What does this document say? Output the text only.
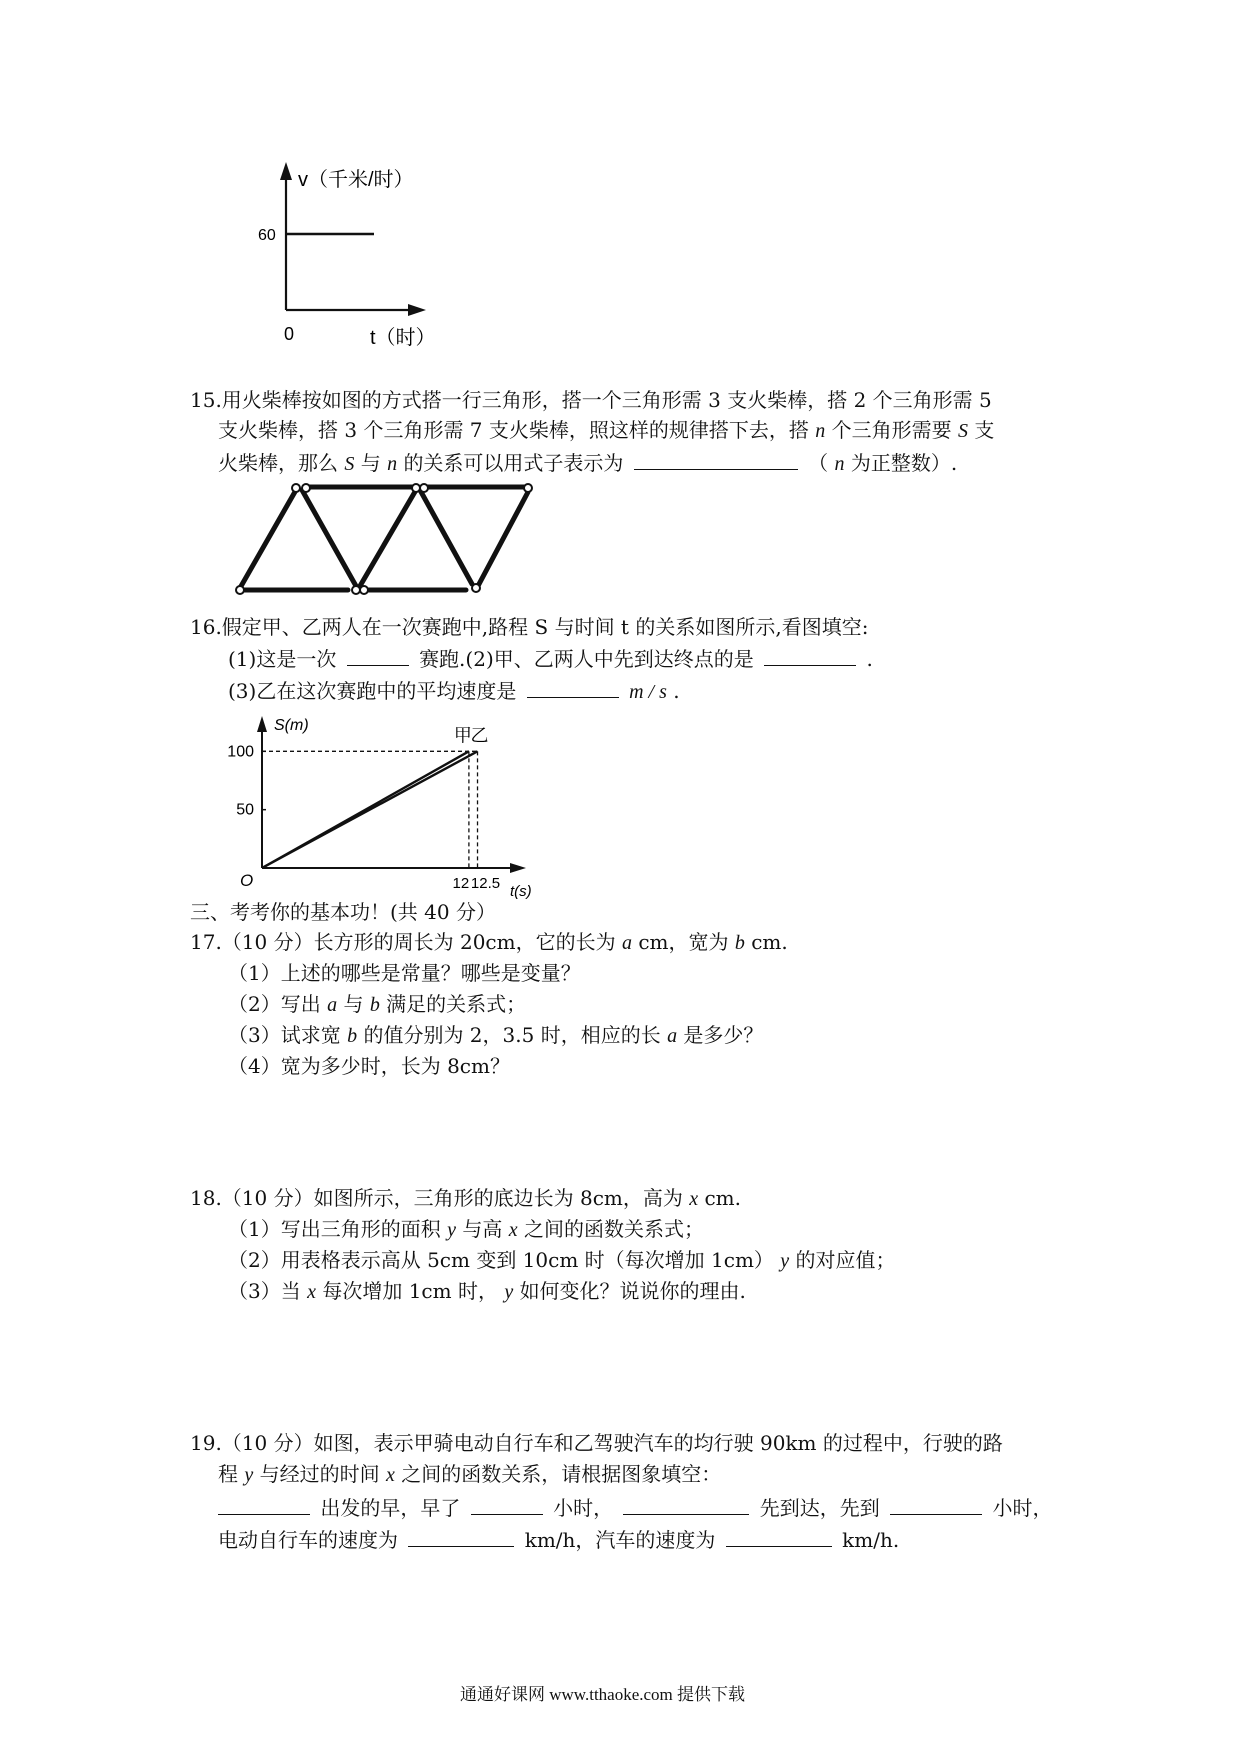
v（千米/时）
60
0	t（时）
15.用火柴棒按如图的方式搭一行三角形，搭一个三角形需 3 支火柴棒，搭 2 个三角形需 5
支火柴棒，搭 3 个三角形需 7 支火柴棒，照这样的规律搭下去，搭 n 个三角形需要 S 支
火柴棒，那么 S 与 n 的关系可以用式子表示为	（ n 为正整数）.
16.假定甲、乙两人在一次赛跑中,路程 S 与时间 t 的关系如图所示,看图填空:
(1)这是一次	赛跑.(2)甲、乙两人中先到达终点的是	.
(3)乙在这次赛跑中的平均速度是	m / s .
S(m)
t(s)
O
100
50
12 12.5
甲
乙
三、考考你的基本功！(共 40 分）
17.（10 分）长方形的周长为 20cm，它的长为 a cm，宽为 b cm.
（1）上述的哪些是常量？哪些是变量？
（2）写出 a 与 b 满足的关系式；
（3）试求宽 b 的值分别为 2，3.5 时，相应的长 a 是多少？
（4）宽为多少时，长为 8cm？
18.（10 分）如图所示，三角形的底边长为 8cm，高为 x cm.
（1）写出三角形的面积 y 与高 x 之间的函数关系式；
（2）用表格表示高从 5cm 变到 10cm 时（每次增加 1cm） y 的对应值；
（3）当 x 每次增加 1cm 时， y 如何变化？说说你的理由.
19.（10 分）如图，表示甲骑电动自行车和乙驾驶汽车的均行驶 90km 的过程中，行驶的路
程 y 与经过的时间 x 之间的函数关系，请根据图象填空：
出发的早，早了	小时，	先到达，先到	小时，
电动自行车的速度为	km/h，汽车的速度为	km/h.
通通好课网 www.tthaoke.com 提供下载
